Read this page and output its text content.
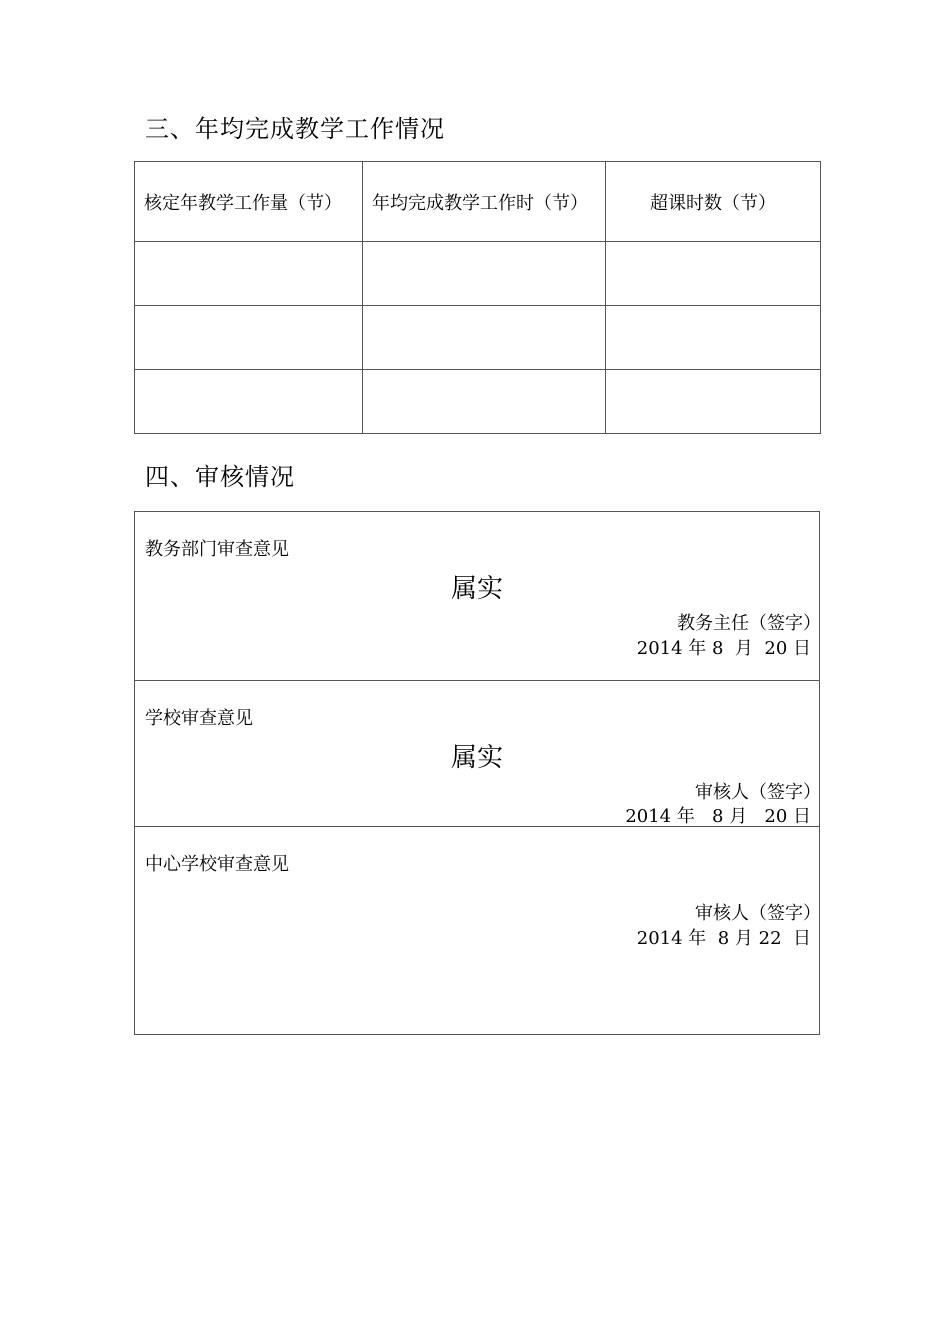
三、年均完成教学工作情况
核定年教学工作量（节）	年均完成教学工作时（节）	超课时数（节）

四、审核情况
教务部门审查意见
属实
教务主任（签字）
2014 年 8  月  20 日
学校审查意见
属实
审核人（签字）
2014 年   8 月   20 日
中心学校审查意见
审核人（签字）
2014 年  8 月 22  日
